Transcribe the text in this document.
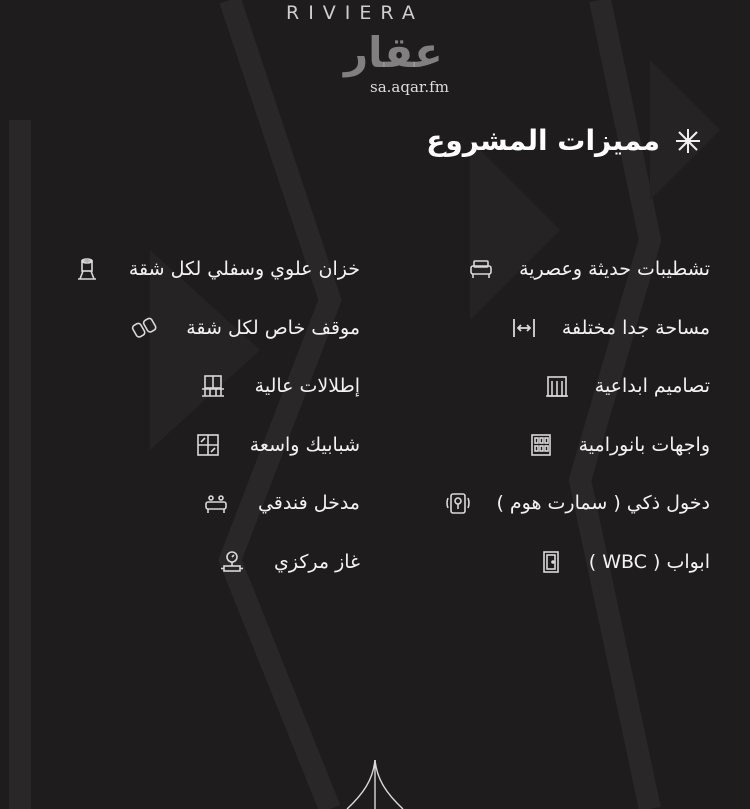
RIVIERA
عقار
sa.aqar.fm
مميزات المشروع
تشطيبات حديثة وعصرية
مساحة جدا مختلفة
تصاميم ابداعية
واجهات بانورامية
دخول ذكي ( سمارت هوم )
ابواب ( WBC )
خزان علوي وسفلي لكل شقة
موقف خاص لكل شقة
إطلالات عالية
شبابيك واسعة
مدخل فندقي
غاز مركزي
